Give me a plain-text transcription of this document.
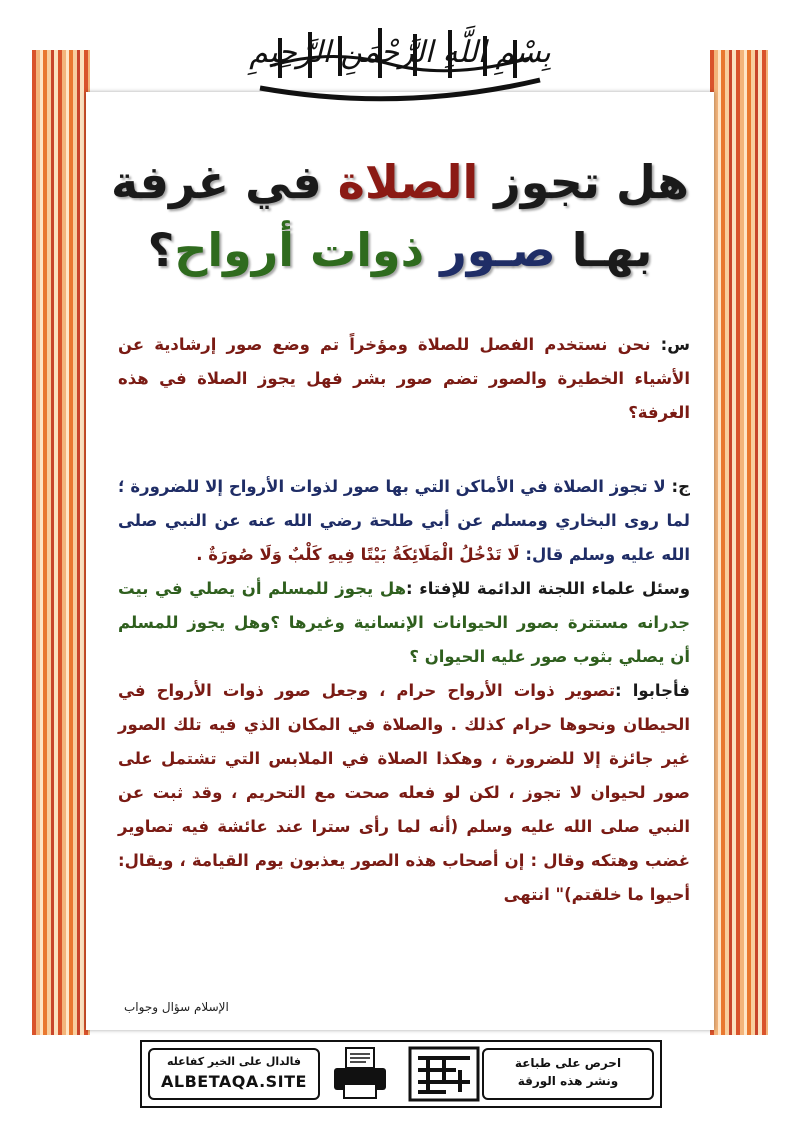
بِسْمِ اللَّهِ الرَّحْمَنِ الرَّحِيمِ
هل تجوز الصلاة في غرفة
بهـا صـور ذوات أرواح؟
س: نحن نستخدم الفصل للصلاة ومؤخراً تم وضع صور إرشادية عن الأشياء الخطيرة والصور تضم صور بشر فهل يجوز الصلاة في هذه الغرفة؟
ج: لا تجوز الصلاة في الأماكن التي بها صور لذوات الأرواح إلا للضرورة ؛ لما روى البخاري ومسلم عن أبي طلحة رضي الله عنه عن النبي صلى الله عليه وسلم قال: لَا تَدْخُلُ الْمَلَائِكَةُ بَيْتًا فِيهِ كَلْبٌ وَلَا صُورَةٌ .
وسئل علماء اللجنة الدائمة للإفتاء :هل يجوز للمسلم أن يصلي في بيت جدرانه مستترة بصور الحيوانات الإنسانية وغيرها ؟وهل يجوز للمسلم أن يصلي بثوب صور عليه الحيوان ؟
فأجابوا :تصوير ذوات الأرواح حرام ، وجعل صور ذوات الأرواح في الحيطان ونحوها حرام كذلك . والصلاة في المكان الذي فيه تلك الصور غير جائزة إلا للضرورة ، وهكذا الصلاة في الملابس التي تشتمل على صور لحيوان لا تجوز ، لكن لو فعله صحت مع التحريم ، وقد ثبت عن النبي صلى الله عليه وسلم (أنه لما رأى سترا عند عائشة فيه تصاوير غضب وهتكه وقال : إن أصحاب هذه الصور يعذبون يوم القيامة ، ويقال: أحيوا ما خلقتم)" انتهى
الإسلام سؤال وجواب
فالدال على الخير كفاعله
ALBETAQA.SITE
بطاقة دعوية
احرص على طباعة
ونشر هذه الورقة
